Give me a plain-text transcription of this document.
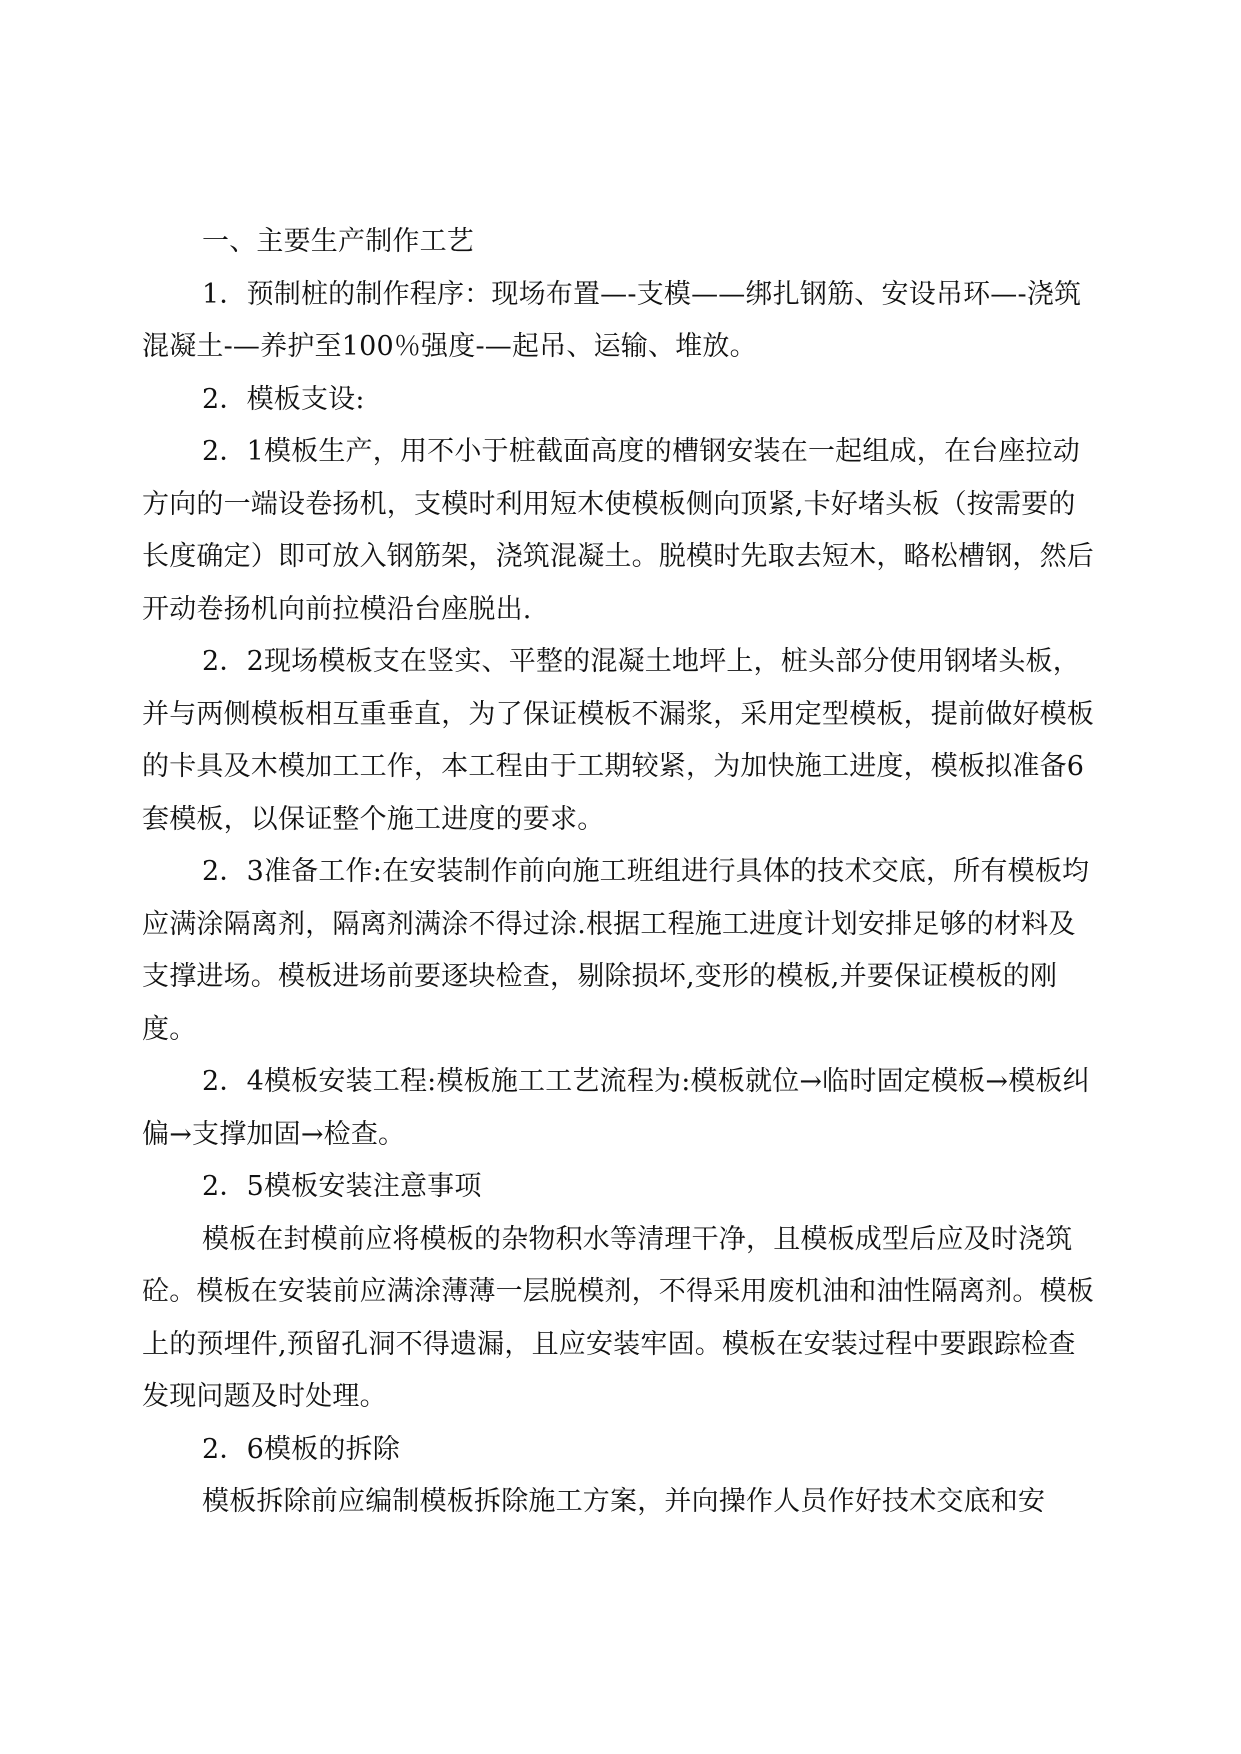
一、主要生产制作工艺

1．预制桩的制作程序：现场布置—-支模——绑扎钢筋、安设吊环—-浇筑混凝土-—养护至100％强度-—起吊、运输、堆放。

2．模板支设:

2．1模板生产，用不小于桩截面高度的槽钢安装在一起组成，在台座拉动方向的一端设卷扬机，支模时利用短木使模板侧向顶紧,卡好堵头板（按需要的长度确定）即可放入钢筋架，浇筑混凝土。脱模时先取去短木，略松槽钢，然后开动卷扬机向前拉模沿台座脱出.

2．2现场模板支在竖实、平整的混凝土地坪上，桩头部分使用钢堵头板，并与两侧模板相互重垂直，为了保证模板不漏浆，采用定型模板，提前做好模板的卡具及木模加工工作，本工程由于工期较紧，为加快施工进度，模板拟准备6套模板，以保证整个施工进度的要求。

2．3准备工作:在安装制作前向施工班组进行具体的技术交底，所有模板均应满涂隔离剂，隔离剂满涂不得过涂.根据工程施工进度计划安排足够的材料及支撑进场。模板进场前要逐块检查，剔除损坏,变形的模板,并要保证模板的刚度。

2．4模板安装工程:模板施工工艺流程为:模板就位→临时固定模板→模板纠偏→支撑加固→检查。

2．5模板安装注意事项

模板在封模前应将模板的杂物积水等清理干净，且模板成型后应及时浇筑砼。模板在安装前应满涂薄薄一层脱模剂，不得采用废机油和油性隔离剂。模板上的预埋件,预留孔洞不得遗漏，且应安装牢固。模板在安装过程中要跟踪检查发现问题及时处理。

2．6模板的拆除

模板拆除前应编制模板拆除施工方案，并向操作人员作好技术交底和安
